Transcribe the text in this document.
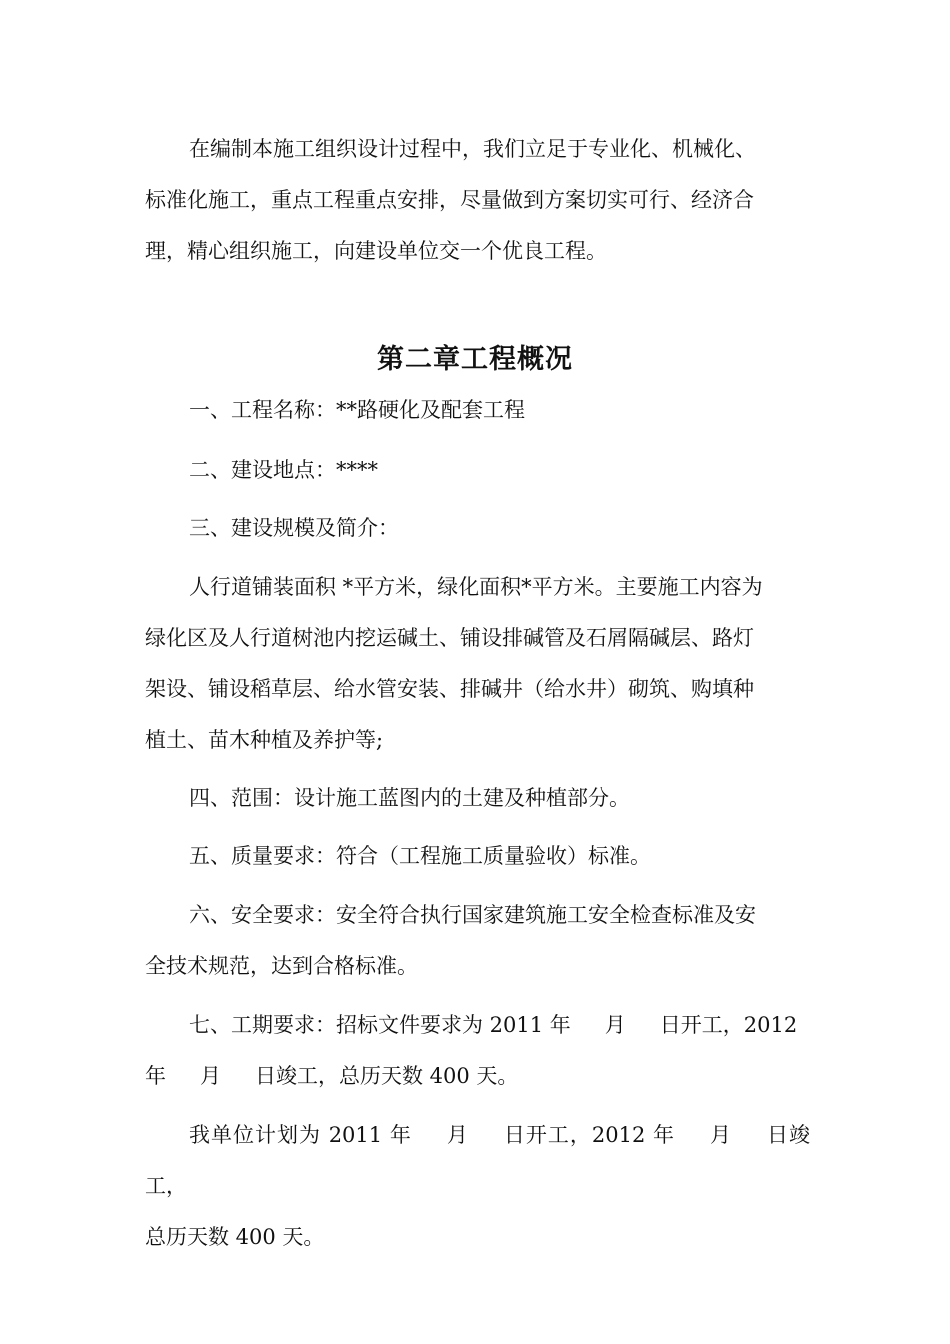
在编制本施工组织设计过程中，我们立足于专业化、机械化、
标准化施工，重点工程重点安排，尽量做到方案切实可行、经济合
理，精心组织施工，向建设单位交一个优良工程。
第二章工程概况
一、工程名称：**路硬化及配套工程
二、建设地点：****
三、建设规模及简介：
人行道铺装面积 *平方米，绿化面积*平方米。主要施工内容为
绿化区及人行道树池内挖运碱土、铺设排碱管及石屑隔碱层、路灯
架设、铺设稻草层、给水管安装、排碱井（给水井）砌筑、购填种
植土、苗木种植及养护等;
四、范围：设计施工蓝图内的土建及种植部分。
五、质量要求：符合（工程施工质量验收）标准。
六、安全要求：安全符合执行国家建筑施工安全检查标准及安
全技术规范，达到合格标准。
七、工期要求：招标文件要求为 2011 年 月 日开工，2012
年 月 日竣工，总历天数 400 天。
我单位计划为 2011 年 月 日开工，2012 年 月 日竣工，
总历天数 400 天。
